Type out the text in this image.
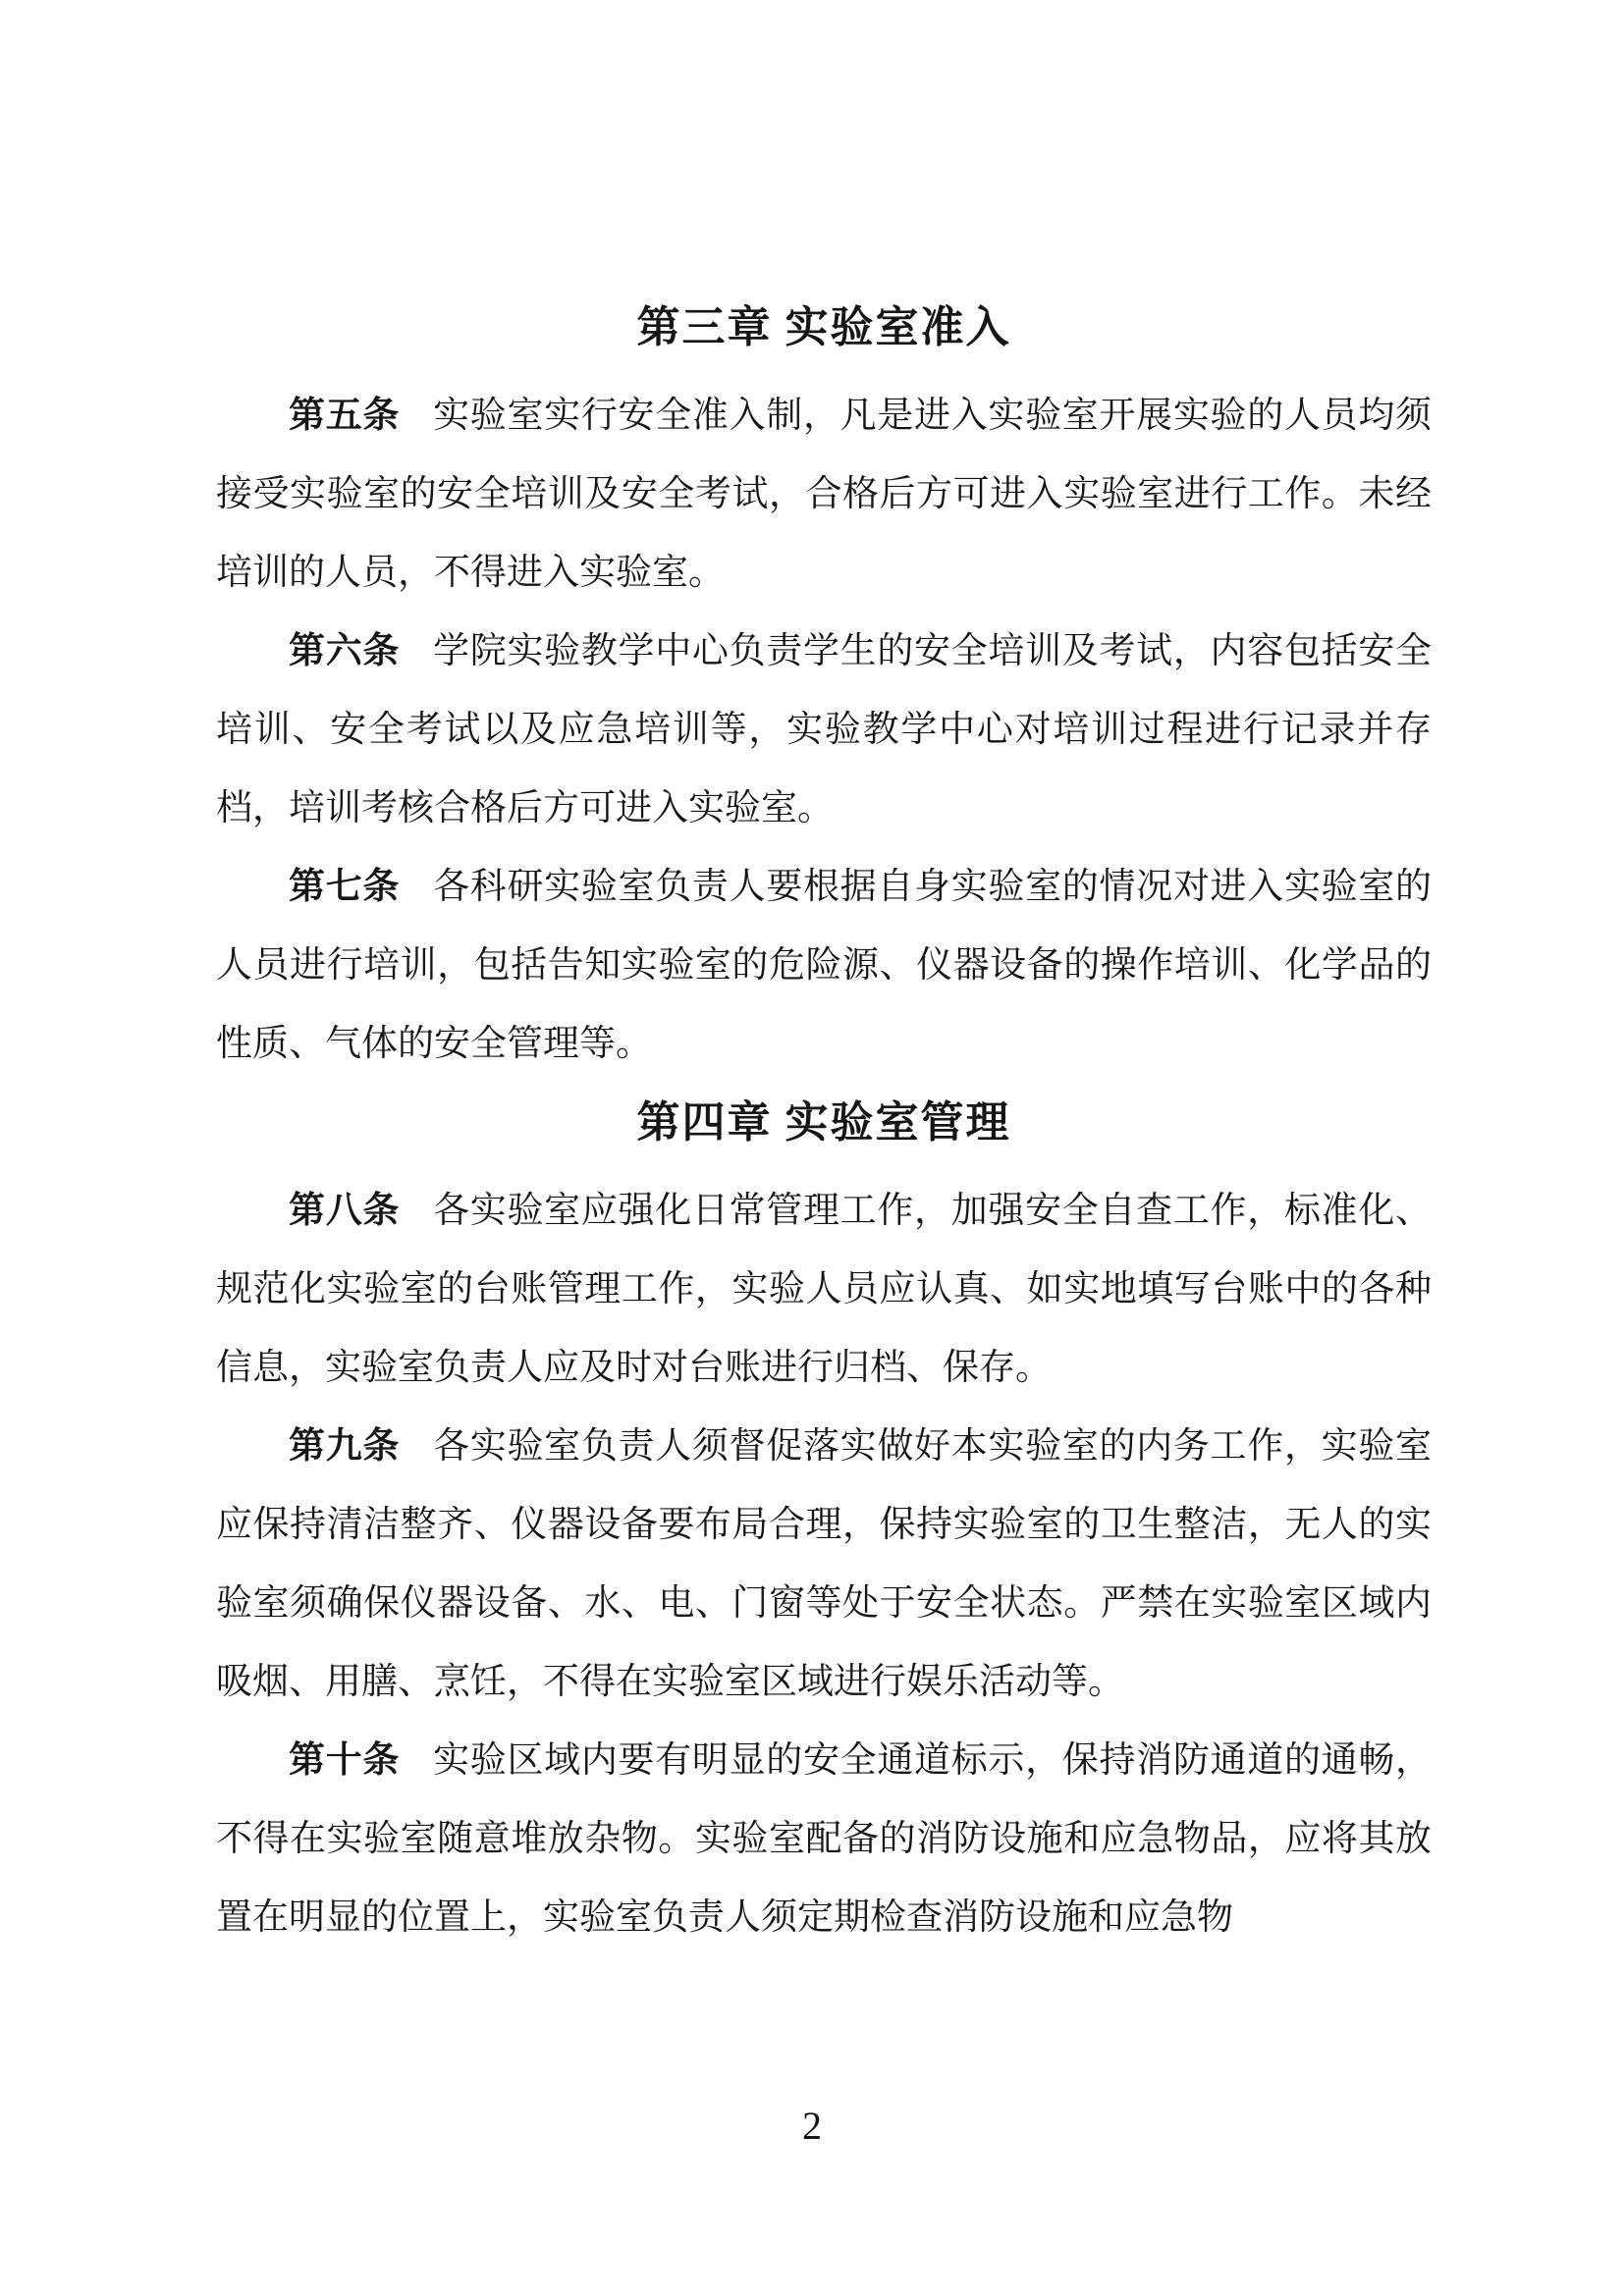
第三章 实验室准入

第五条 实验室实行安全准入制，凡是进入实验室开展实验的人员均须接受实验室的安全培训及安全考试，合格后方可进入实验室进行工作。未经培训的人员，不得进入实验室。

第六条 学院实验教学中心负责学生的安全培训及考试，内容包括安全培训、安全考试以及应急培训等，实验教学中心对培训过程进行记录并存档，培训考核合格后方可进入实验室。

第七条 各科研实验室负责人要根据自身实验室的情况对进入实验室的人员进行培训，包括告知实验室的危险源、仪器设备的操作培训、化学品的性质、气体的安全管理等。

第四章 实验室管理

第八条 各实验室应强化日常管理工作，加强安全自查工作，标准化、规范化实验室的台账管理工作，实验人员应认真、如实地填写台账中的各种信息，实验室负责人应及时对台账进行归档、保存。

第九条 各实验室负责人须督促落实做好本实验室的内务工作，实验室应保持清洁整齐、仪器设备要布局合理，保持实验室的卫生整洁，无人的实验室须确保仪器设备、水、电、门窗等处于安全状态。严禁在实验室区域内吸烟、用膳、烹饪，不得在实验室区域进行娱乐活动等。

第十条 实验区域内要有明显的安全通道标示，保持消防通道的通畅，不得在实验室随意堆放杂物。实验室配备的消防设施和应急物品，应将其放置在明显的位置上，实验室负责人须定期检查消防设施和应急物

2
